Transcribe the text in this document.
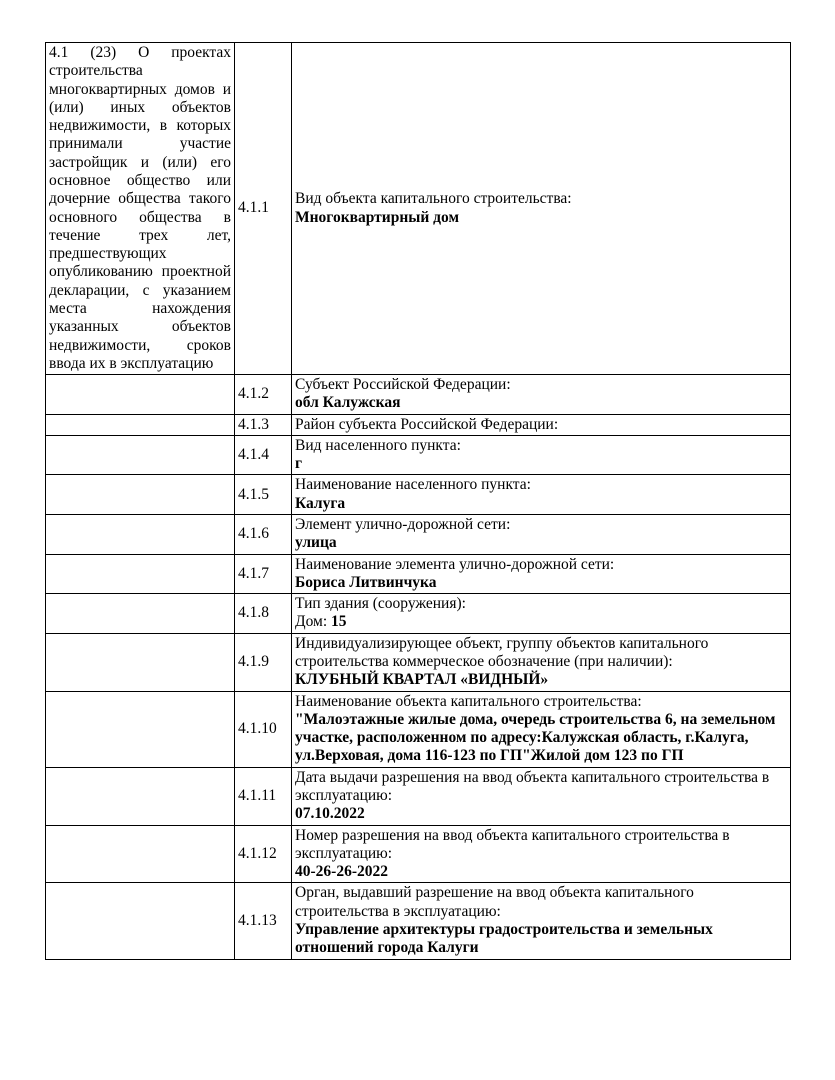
4.1 (23) О проектах строительства многоквартирных домов и (или) иных объектов недвижимости, в которых принимали участие застройщик и (или) его основное общество или дочерние общества такого основного общества в течение трех лет, предшествующих опубликованию проектной декларации, с указанием места нахождения указанных объектов недвижимости, сроков ввода их в эксплуатацию	4.1.1	Вид объекта капитального строительства:
Многоквартирный дом

	4.1.2	Субъект Российской Федерации:
обл Калужская

	4.1.3	Район субъекта Российской Федерации:

	4.1.4	Вид населенного пункта:
г

	4.1.5	Наименование населенного пункта:
Калуга

	4.1.6	Элемент улично-дорожной сети:
улица

	4.1.7	Наименование элемента улично-дорожной сети:
Бориса Литвинчука

	4.1.8	Тип здания (сооружения):
Дом: 15

	4.1.9	Индивидуализирующее объект, группу объектов капитального строительства коммерческое обозначение (при наличии):
КЛУБНЫЙ КВАРТАЛ «ВИДНЫЙ»

	4.1.10	Наименование объекта капитального строительства:
"Малоэтажные жилые дома, очередь строительства 6, на земельном участке, расположенном по адресу:Калужская область, г.Калуга, ул.Верховая, дома 116-123 по ГП"Жилой дом 123 по ГП

	4.1.11	Дата выдачи разрешения на ввод объекта капитального строительства в эксплуатацию:
07.10.2022

	4.1.12	Номер разрешения на ввод объекта капитального строительства в эксплуатацию:
40-26-26-2022

	4.1.13	Орган, выдавший разрешение на ввод объекта капитального строительства в эксплуатацию:
Управление архитектуры градостроительства и земельных отношений города Калуги
